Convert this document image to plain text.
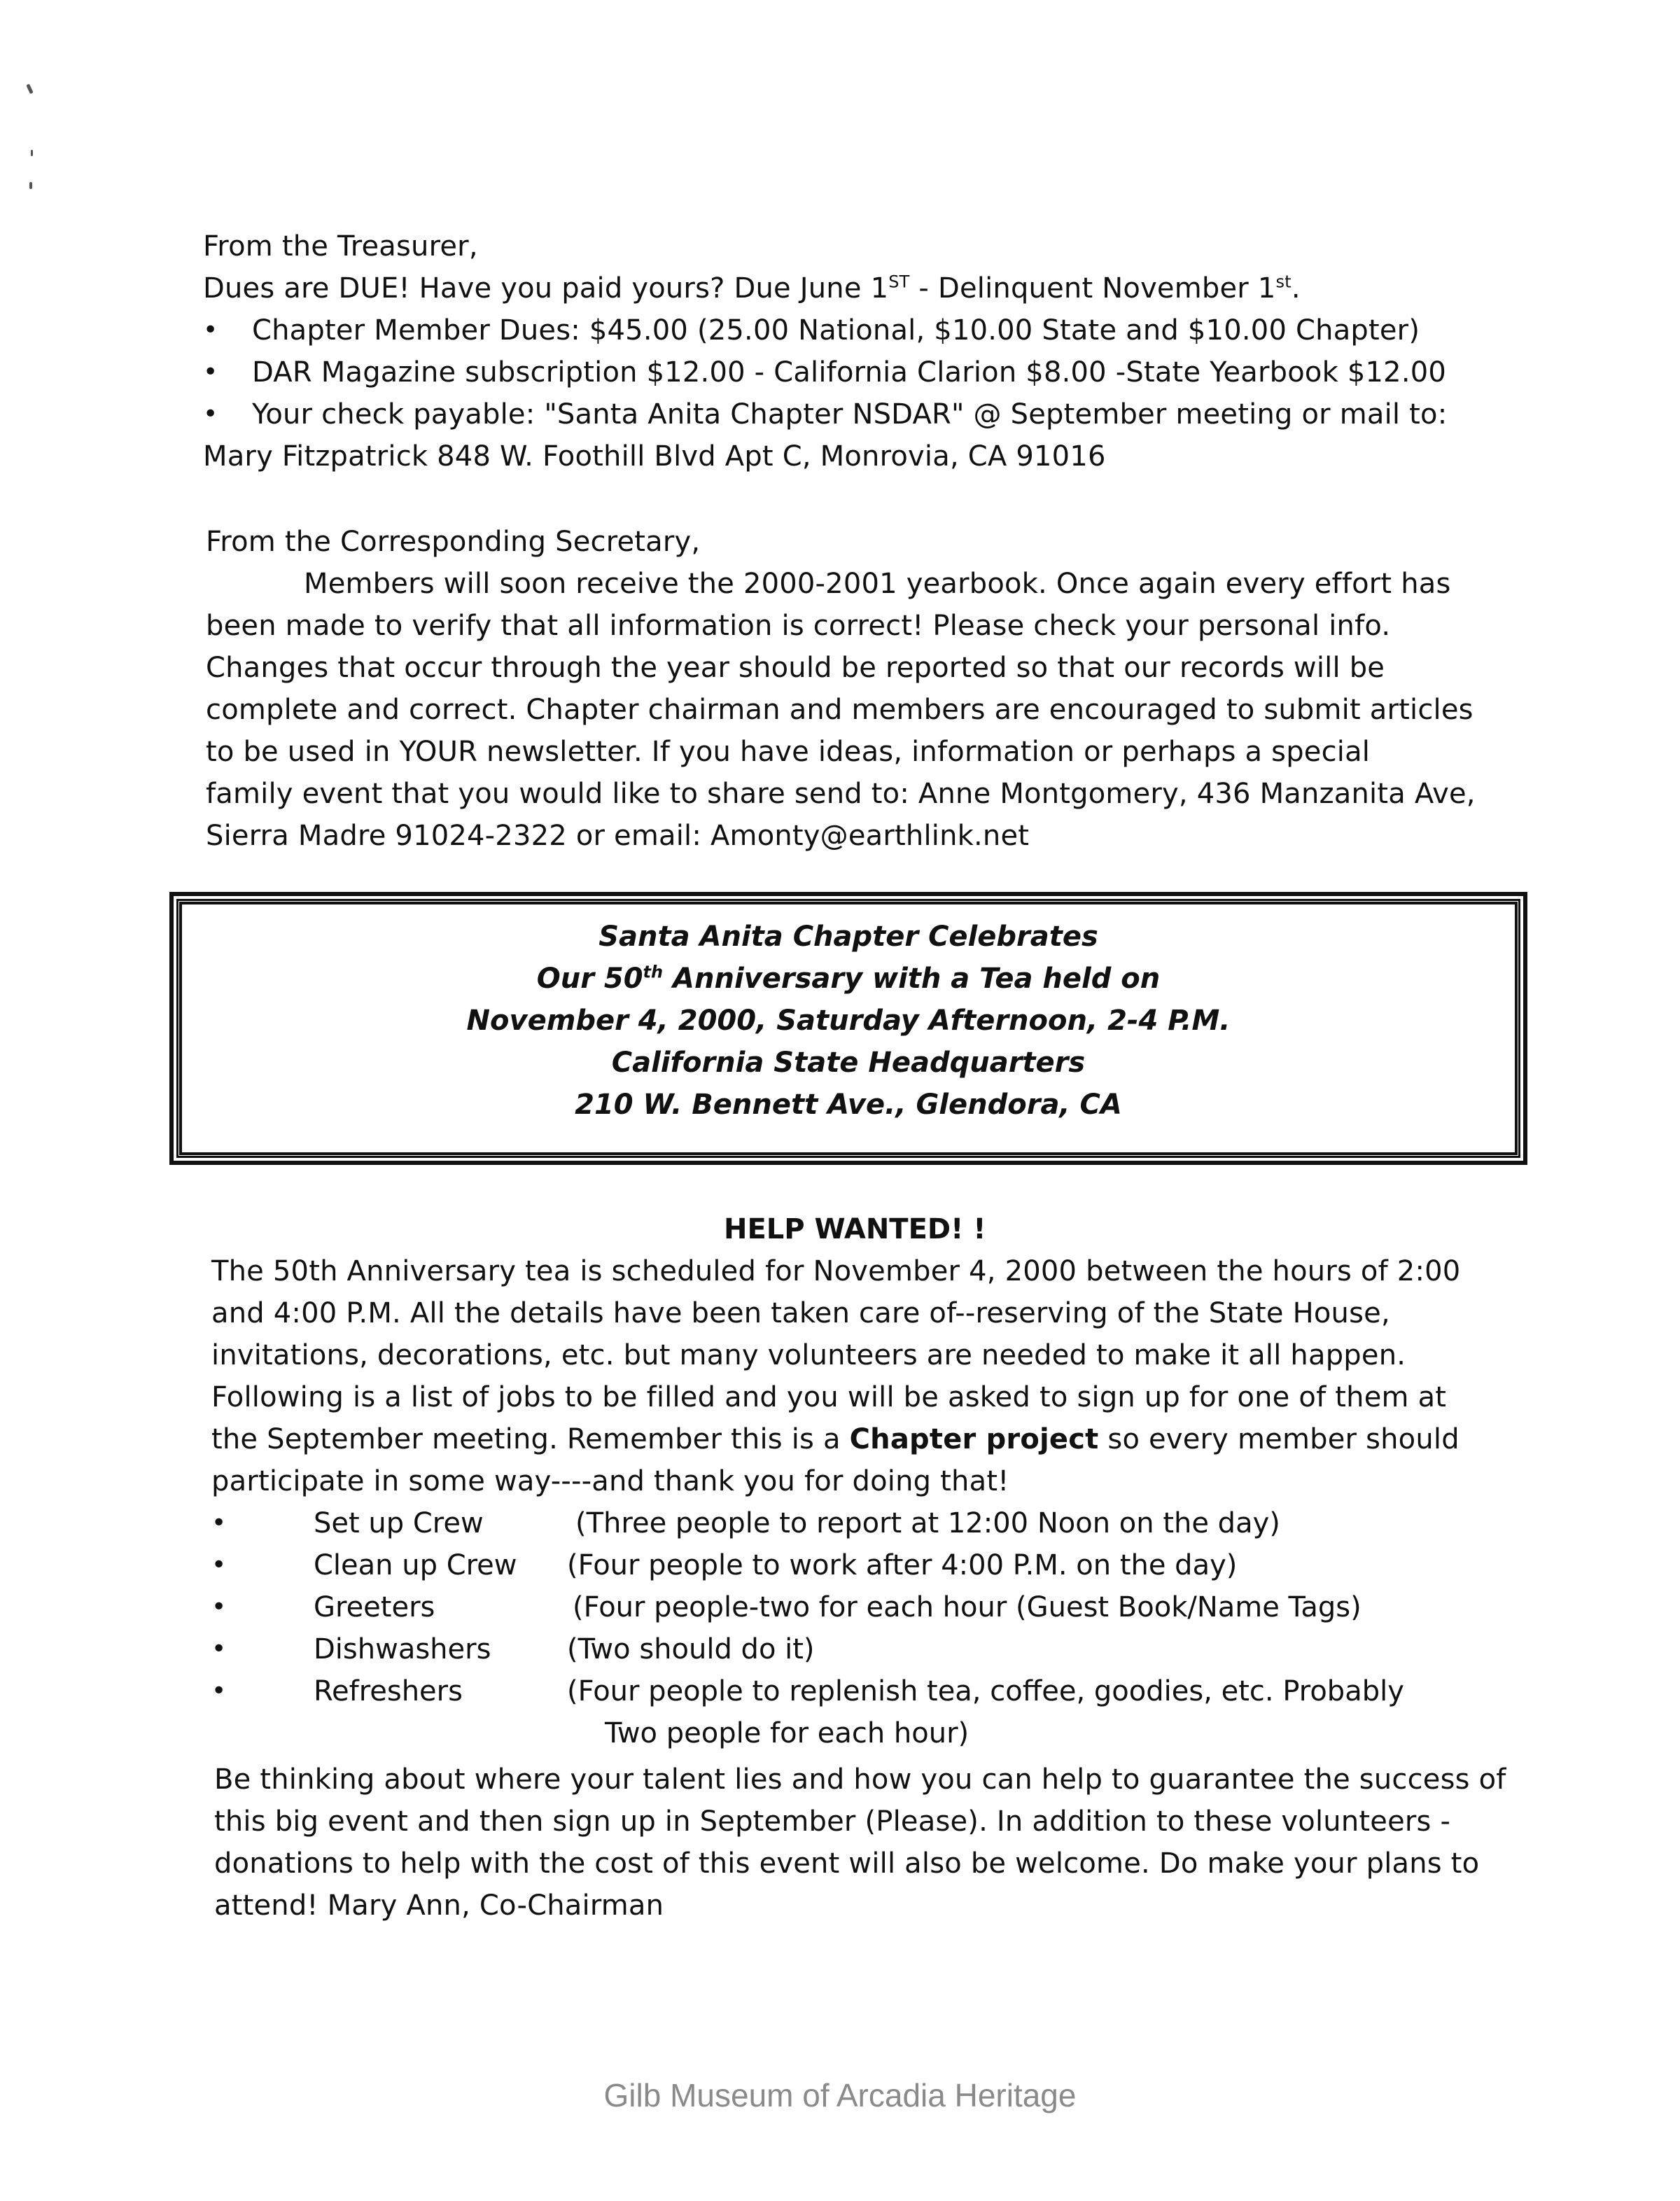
From the Treasurer,
Dues are DUE! Have you paid yours? Due June 1ST - Delinquent November 1st.
• Chapter Member Dues: $45.00 (25.00 National, $10.00 State and $10.00 Chapter)
• DAR Magazine subscription $12.00 - California Clarion $8.00 -State Yearbook $12.00
• Your check payable: "Santa Anita Chapter NSDAR" @ September meeting or mail to:
Mary Fitzpatrick 848 W. Foothill Blvd Apt C, Monrovia, CA 91016
From the Corresponding Secretary,
Members will soon receive the 2000-2001 yearbook. Once again every effort has
been made to verify that all information is correct! Please check your personal info.
Changes that occur through the year should be reported so that our records will be
complete and correct. Chapter chairman and members are encouraged to submit articles
to be used in YOUR newsletter. If you have ideas, information or perhaps a special
family event that you would like to share send to: Anne Montgomery, 436 Manzanita Ave,
Sierra Madre 91024-2322 or email: Amonty@earthlink.net
Santa Anita Chapter Celebrates
Our 50th Anniversary with a Tea held on
November 4, 2000, Saturday Afternoon, 2-4 P.M.
California State Headquarters
210 W. Bennett Ave., Glendora, CA
HELP WANTED! !
The 50th Anniversary tea is scheduled for November 4, 2000 between the hours of 2:00
and 4:00 P.M. All the details have been taken care of--reserving of the State House,
invitations, decorations, etc. but many volunteers are needed to make it all happen.
Following is a list of jobs to be filled and you will be asked to sign up for one of them at
the September meeting. Remember this is a Chapter project so every member should
participate in some way----and thank you for doing that!
•	Set up Crew	(Three people to report at 12:00 Noon on the day)
•	Clean up Crew (Four people to work after 4:00 P.M. on the day)
•	Greeters	(Four people-two for each hour (Guest Book/Name Tags)
•	Dishwashers	(Two should do it)
•	Refreshers	(Four people to replenish tea, coffee, goodies, etc. Probably
Two people for each hour)
Be thinking about where your talent lies and how you can help to guarantee the success of
this big event and then sign up in September (Please). In addition to these volunteers -
donations to help with the cost of this event will also be welcome. Do make your plans to
attend! Mary Ann, Co-Chairman
Gilb Museum of Arcadia Heritage
